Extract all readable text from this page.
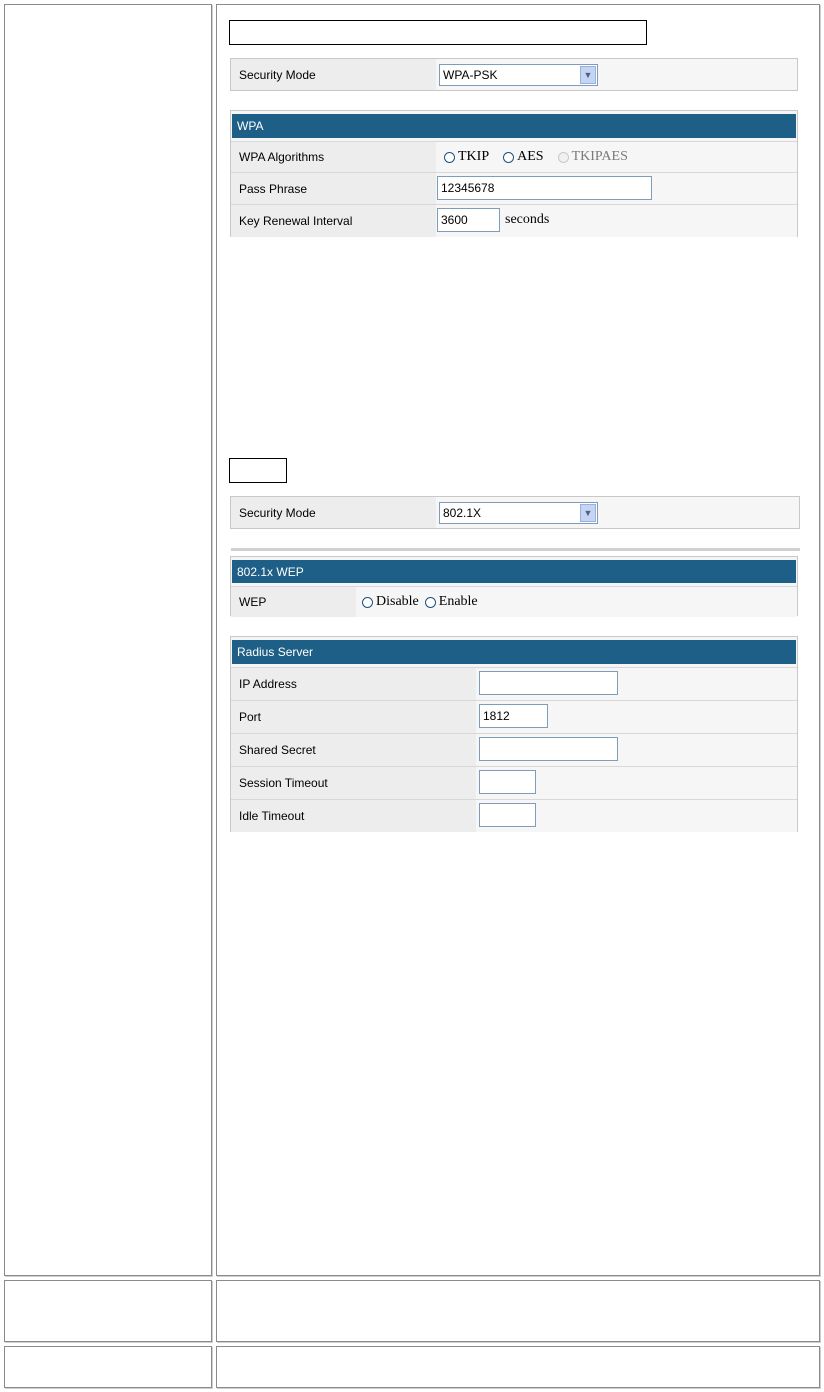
Security Mode	WPA-PSK	▼
WPA
WPA Algorithms	TKIP AES TKIPAES
Pass Phrase	12345678
Key Renewal Interval	3600	seconds
Security Mode	802.1X	▼
802.1x WEP
WEP	Disable Enable
Radius Server
IP Address
Port	1812
Shared Secret
Session Timeout
Idle Timeout
